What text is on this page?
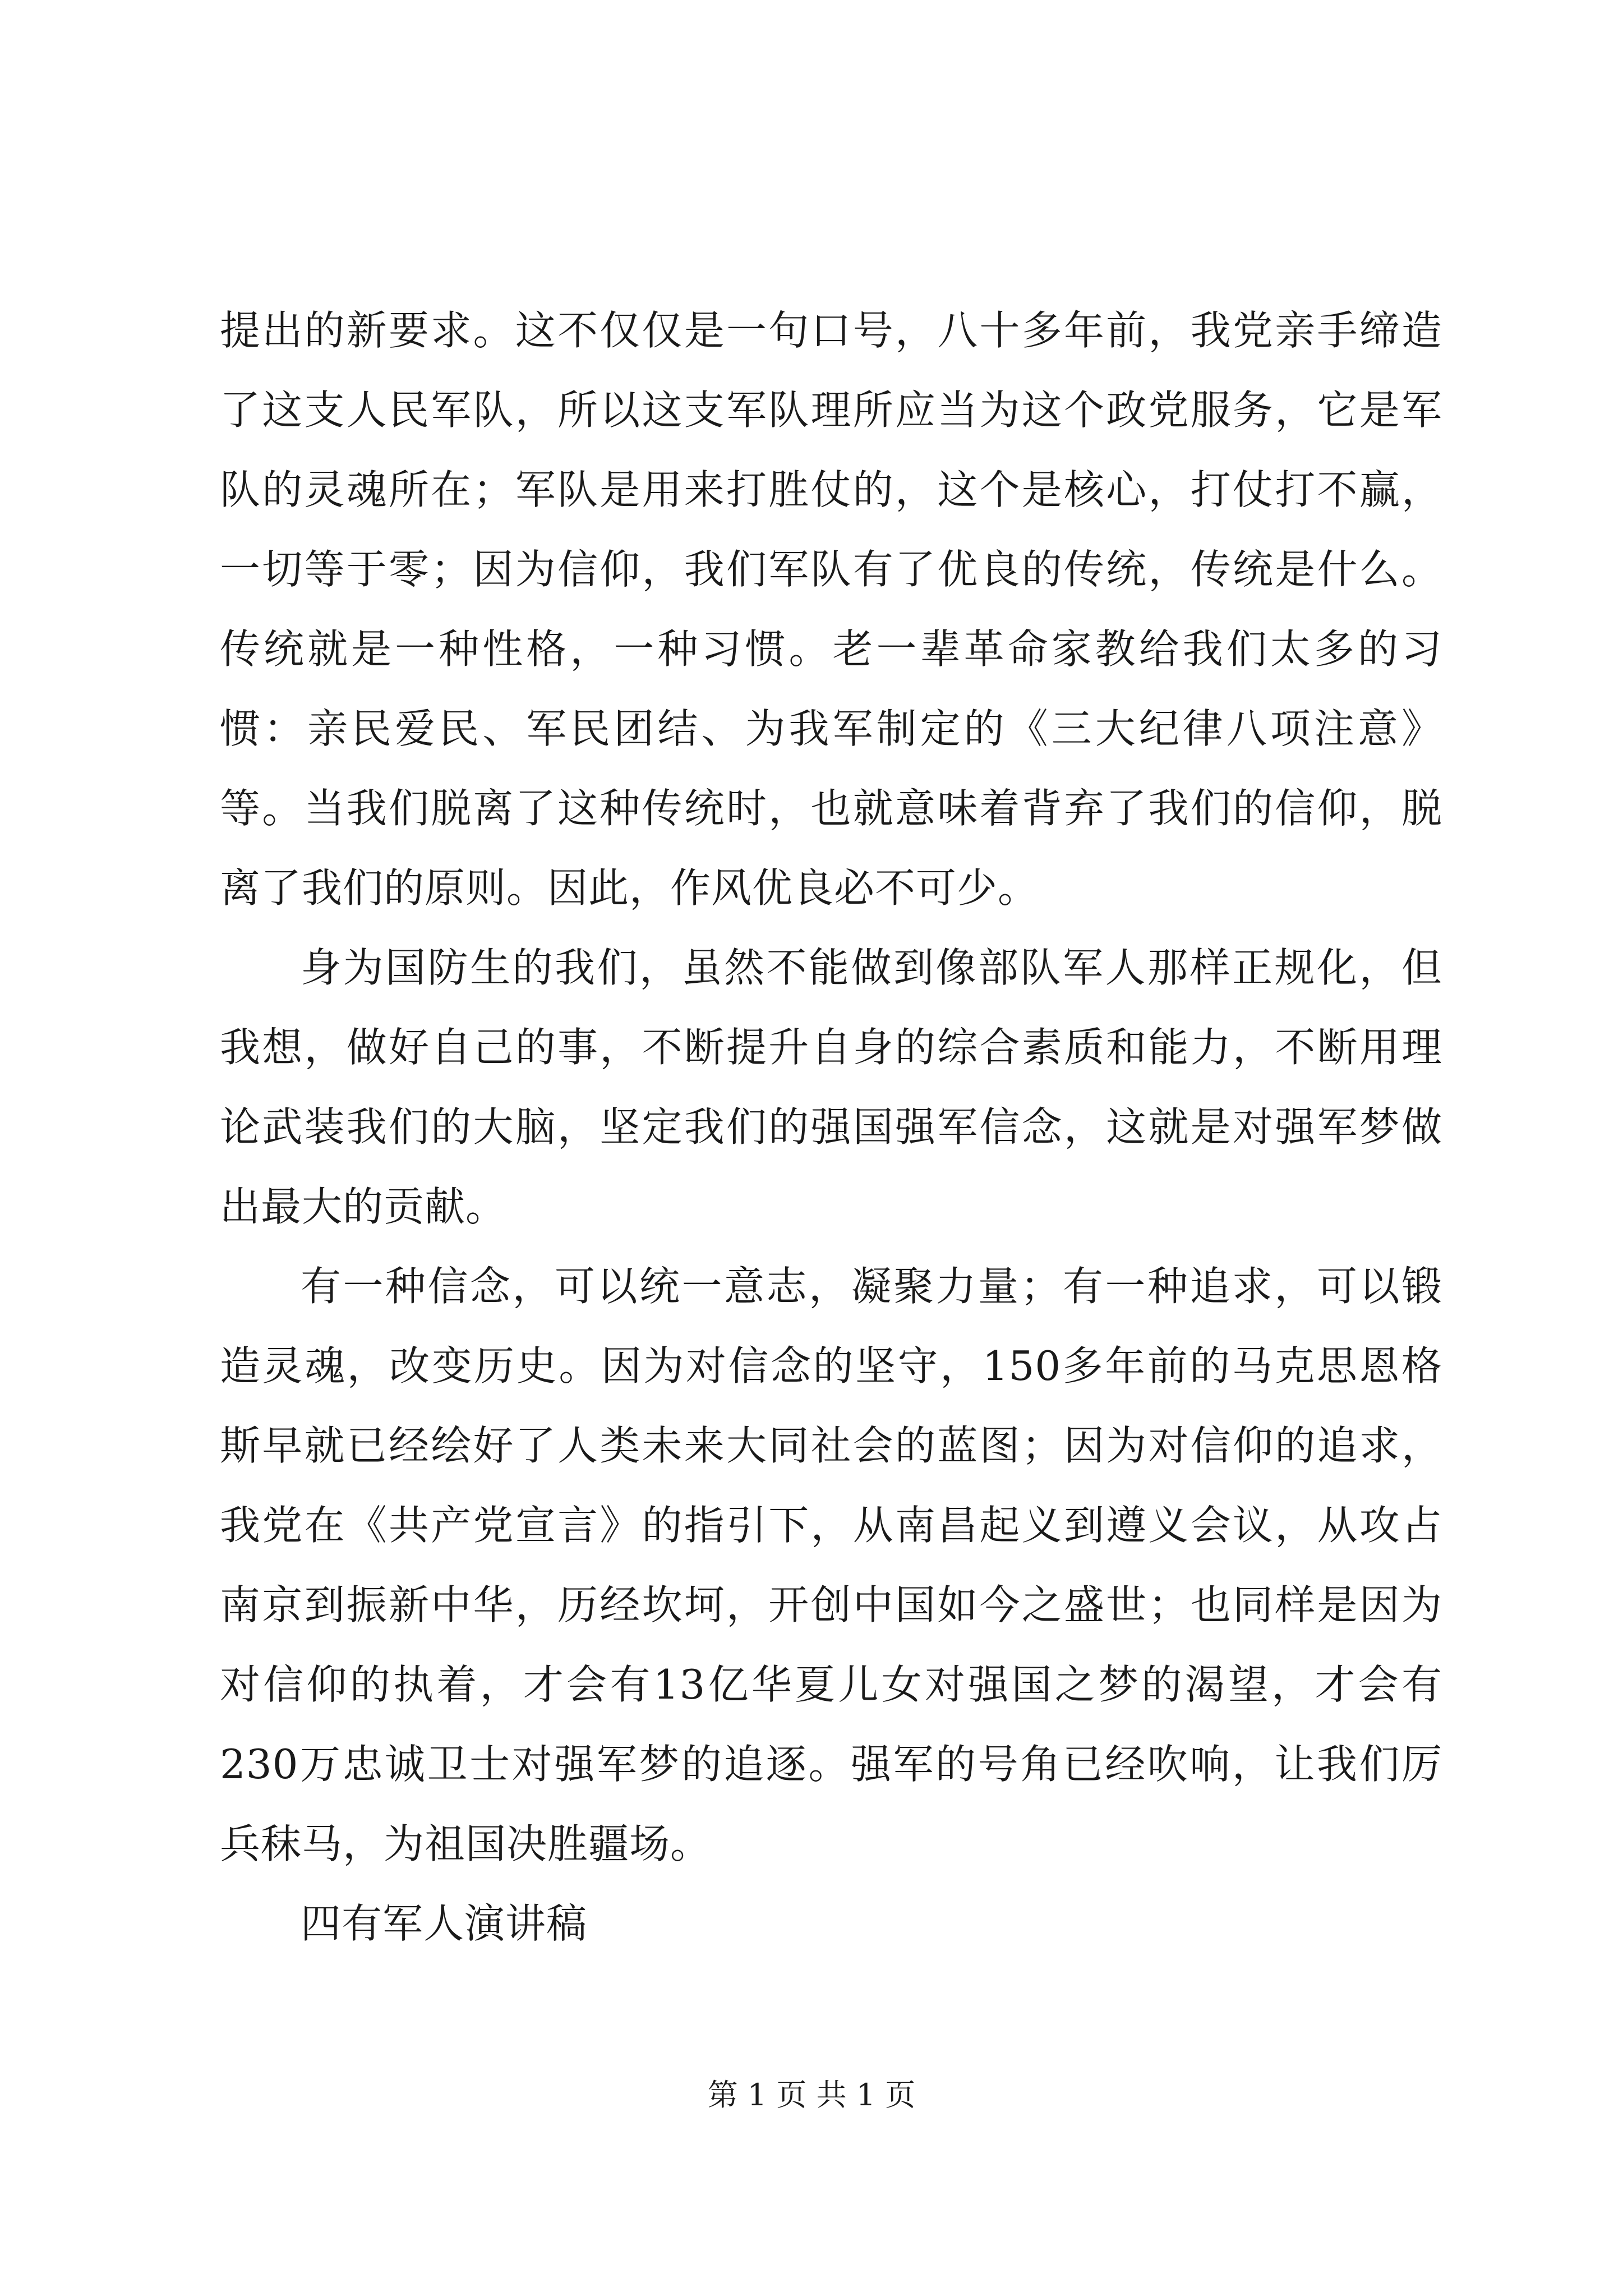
提出的新要求。这不仅仅是一句口号，八十多年前，我党亲手缔造了这支人民军队，所以这支军队理所应当为这个政党服务，它是军队的灵魂所在；军队是用来打胜仗的，这个是核心，打仗打不赢，一切等于零；因为信仰，我们军队有了优良的传统，传统是什么。传统就是一种性格，一种习惯。老一辈革命家教给我们太多的习惯：亲民爱民、军民团结、为我军制定的《三大纪律八项注意》等。当我们脱离了这种传统时，也就意味着背弃了我们的信仰，脱离了我们的原则。因此，作风优良必不可少。

身为国防生的我们，虽然不能做到像部队军人那样正规化，但我想，做好自己的事，不断提升自身的综合素质和能力，不断用理论武装我们的大脑，坚定我们的强国强军信念，这就是对强军梦做出最大的贡献。

有一种信念，可以统一意志，凝聚力量；有一种追求，可以锻造灵魂，改变历史。因为对信念的坚守，150多年前的马克思恩格斯早就已经绘好了人类未来大同社会的蓝图；因为对信仰的追求，我党在《共产党宣言》的指引下，从南昌起义到遵义会议，从攻占南京到振新中华，历经坎坷，开创中国如今之盛世；也同样是因为对信仰的执着，才会有13亿华夏儿女对强国之梦的渴望，才会有230万忠诚卫士对强军梦的追逐。强军的号角已经吹响，让我们厉兵秣马，为祖国决胜疆场。

四有军人演讲稿

第 1 页 共 1 页
